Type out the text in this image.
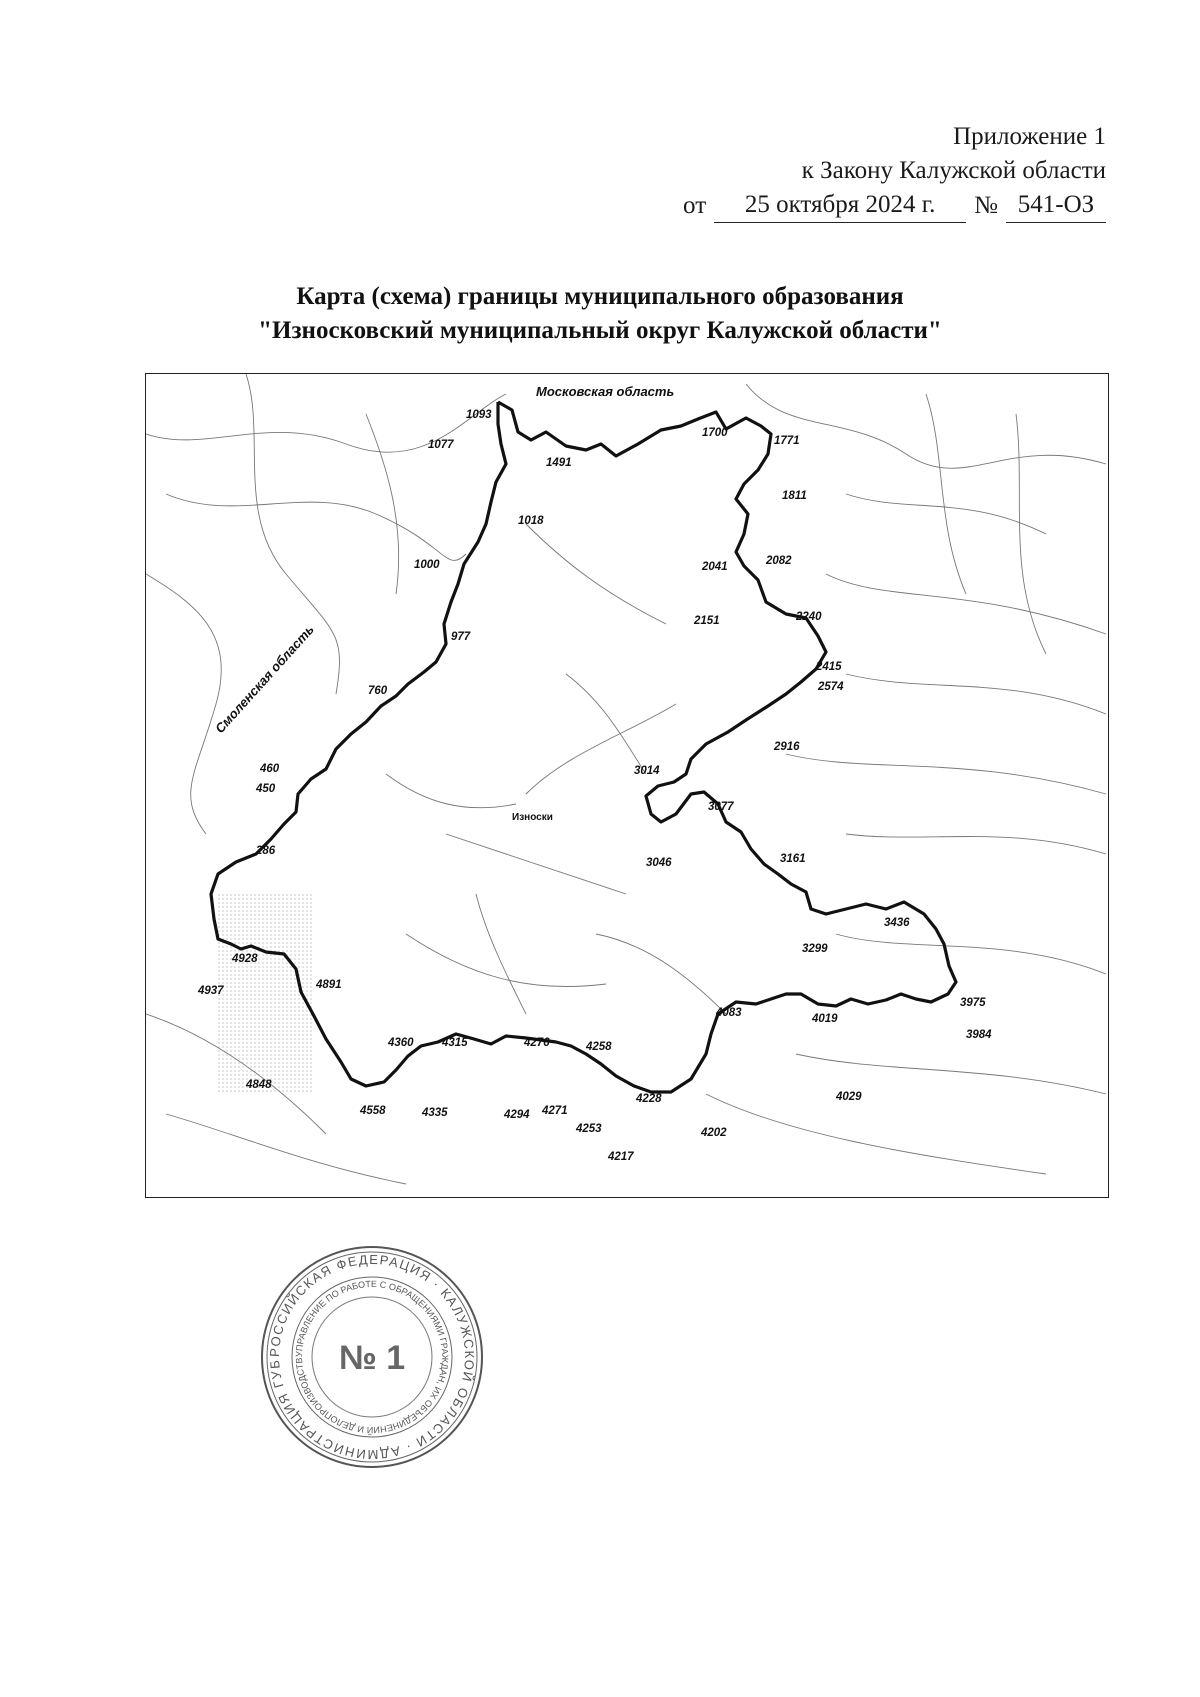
Приложение 1
к Закону Калужской области
от	25 октября 2024 г.	№ 541-ОЗ
Карта (схема) границы муниципального образования
"Износковский муниципальный округ Калужской области"
1093
1077
1491
1700
1771
1811
1018
1000	2041	2082
2151	2240
2415
2574
977
760
2916
3014
460
450
3077
286
3046	3161
3436
3299
4928
4937	4891
3975
3984
4083	4019
4360 4315	4276	4258
4848
4558	4335	4294 4271
4228
4253
4029
4202
4217
Московская область
Смоленская область
Износки
РОССИЙСКАЯ ФЕДЕРАЦИЯ · КАЛУЖСКОЙ ОБЛАСТИ · АДМИНИСТРАЦИЯ ГУБ
УПРАВЛЕНИЕ ПО РАБОТЕ С ОБРАЩЕНИЯМИ ГРАЖДАН, ИХ ОБЪЕДИНЕНИЙ И ДЕЛОПРОИЗВОДСТВ	№ 1
